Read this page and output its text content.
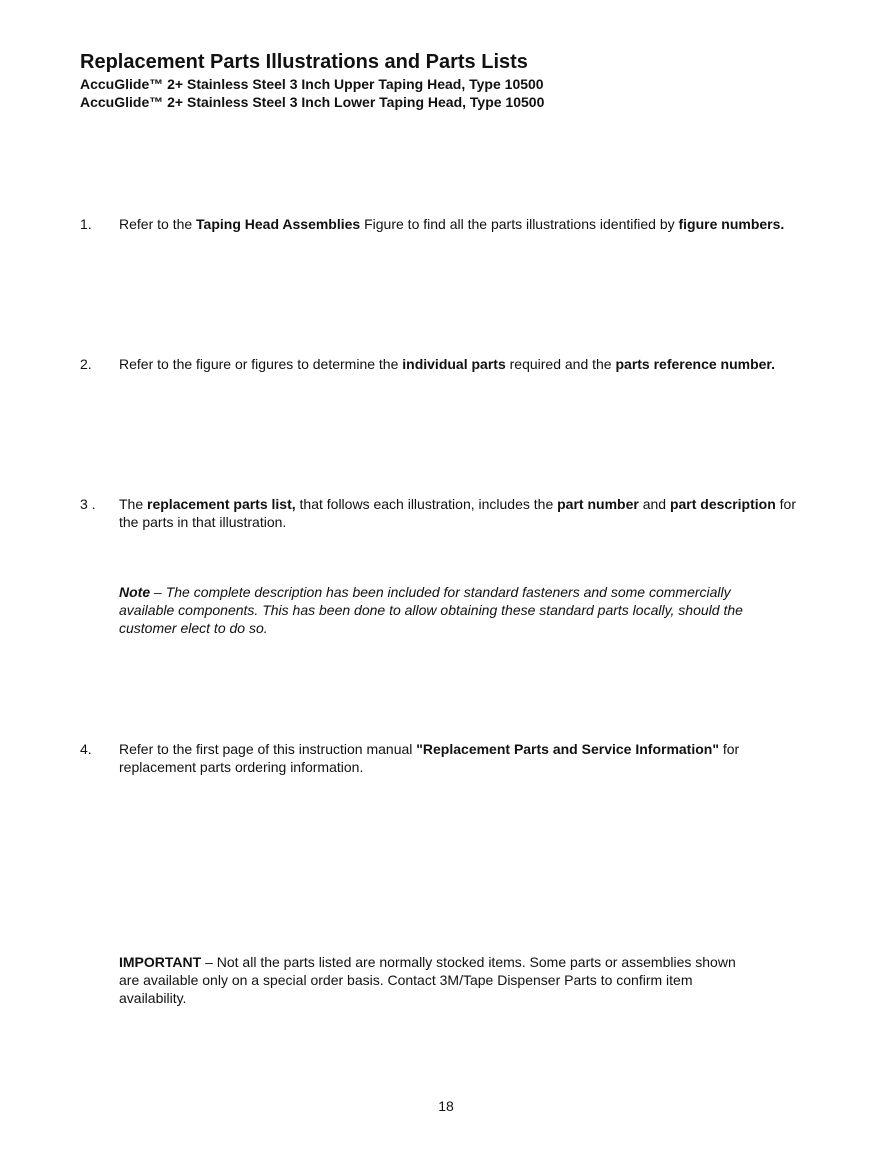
Replacement Parts Illustrations and Parts Lists
AccuGlide™ 2+ Stainless Steel 3 Inch Upper Taping Head, Type 10500
AccuGlide™ 2+ Stainless Steel 3 Inch Lower Taping Head, Type 10500
1.	Refer to the Taping Head Assemblies Figure to find all the parts illustrations identified by figure numbers.
2.	Refer to the figure or figures to determine the individual parts required and the parts reference number.
3 .	The replacement parts list, that follows each illustration, includes the part number and part description for the parts in that illustration.
Note – The complete description has been included for standard fasteners and some commercially available components. This has been done to allow obtaining these standard parts locally, should the customer elect to do so.
4.	Refer to the first page of this instruction manual "Replacement Parts and Service Information" for replacement parts ordering information.
IMPORTANT – Not all the parts listed are normally stocked items. Some parts or assemblies shown are available only on a special order basis. Contact 3M/Tape Dispenser Parts to confirm item availability.
18
